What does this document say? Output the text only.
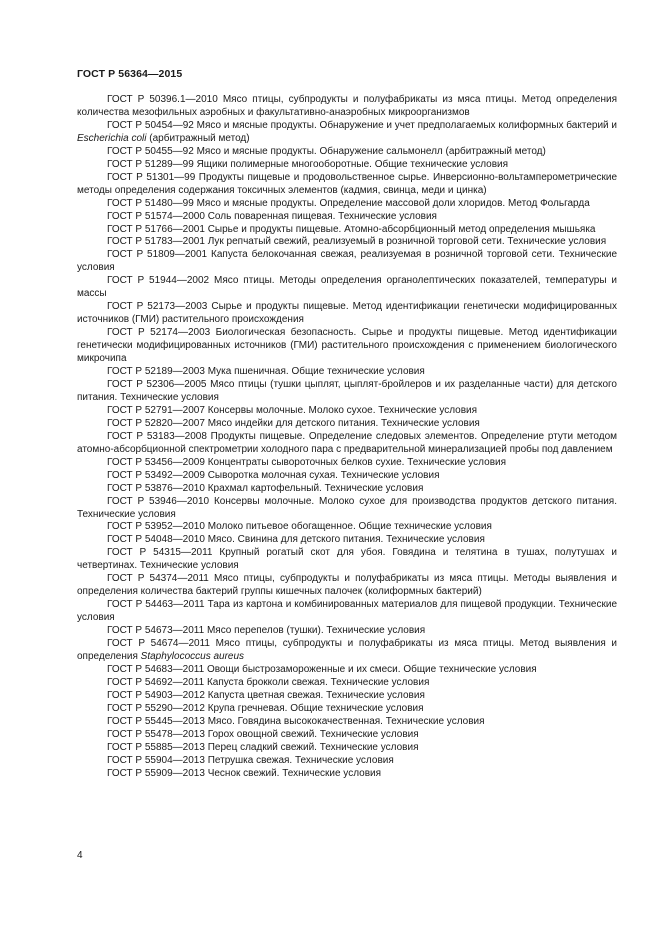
ГОСТ Р 56364—2015

ГОСТ Р 50396.1—2010 Мясо птицы, субпродукты и полуфабрикаты из мяса птицы. Метод определения количества мезофильных аэробных и факультативно-анаэробных микроорганизмов

ГОСТ Р 50454—92 Мясо и мясные продукты. Обнаружение и учет предполагаемых колиформных бактерий и Escherichia coli (арбитражный метод)

ГОСТ Р 50455—92 Мясо и мясные продукты. Обнаружение сальмонелл (арбитражный метод)

ГОСТ Р 51289—99 Ящики полимерные многооборотные. Общие технические условия

ГОСТ Р 51301—99 Продукты пищевые и продовольственное сырье. Инверсионно-вольтамперометрические методы определения содержания токсичных элементов (кадмия, свинца, меди и цинка)

ГОСТ Р 51480—99 Мясо и мясные продукты. Определение массовой доли хлоридов. Метод Фольгарда

ГОСТ Р 51574—2000 Соль поваренная пищевая. Технические условия

ГОСТ Р 51766—2001 Сырье и продукты пищевые. Атомно-абсорбционный метод определения мышьяка

ГОСТ Р 51783—2001 Лук репчатый свежий, реализуемый в розничной торговой сети. Технические условия

ГОСТ Р 51809—2001 Капуста белокочанная свежая, реализуемая в розничной торговой сети. Технические условия

ГОСТ Р 51944—2002 Мясо птицы. Методы определения органолептических показателей, температуры и массы

ГОСТ Р 52173—2003 Сырье и продукты пищевые. Метод идентификации генетически модифицированных источников (ГМИ) растительного происхождения

ГОСТ Р 52174—2003 Биологическая безопасность. Сырье и продукты пищевые. Метод идентификации генетически модифицированных источников (ГМИ) растительного происхождения с применением биологического микрочипа

ГОСТ Р 52189—2003 Мука пшеничная. Общие технические условия

ГОСТ Р 52306—2005 Мясо птицы (тушки цыплят, цыплят-бройлеров и их разделанные части) для детского питания. Технические условия

ГОСТ Р 52791—2007 Консервы молочные. Молоко сухое. Технические условия

ГОСТ Р 52820—2007 Мясо индейки для детского питания. Технические условия

ГОСТ Р 53183—2008 Продукты пищевые. Определение следовых элементов. Определение ртути методом атомно-абсорбционной спектрометрии холодного пара с предварительной минерализацией пробы под давлением

ГОСТ Р 53456—2009 Концентраты сывороточных белков сухие. Технические условия

ГОСТ Р 53492—2009 Сыворотка молочная сухая. Технические условия

ГОСТ Р 53876—2010 Крахмал картофельный. Технические условия

ГОСТ Р 53946—2010 Консервы молочные. Молоко сухое для производства продуктов детского питания. Технические условия

ГОСТ Р 53952—2010 Молоко питьевое обогащенное. Общие технические условия

ГОСТ Р 54048—2010 Мясо. Свинина для детского питания. Технические условия

ГОСТ Р 54315—2011 Крупный рогатый скот для убоя. Говядина и телятина в тушах, полутушах и четвертинах. Технические условия

ГОСТ Р 54374—2011 Мясо птицы, субпродукты и полуфабрикаты из мяса птицы. Методы выявления и определения количества бактерий группы кишечных палочек (колиформных бактерий)

ГОСТ Р 54463—2011 Тара из картона и комбинированных материалов для пищевой продукции. Технические условия

ГОСТ Р 54673—2011 Мясо перепелов (тушки). Технические условия

ГОСТ Р 54674—2011 Мясо птицы, субпродукты и полуфабрикаты из мяса птицы. Метод выявления и определения Staphylococcus aureus

ГОСТ Р 54683—2011 Овощи быстрозамороженные и их смеси. Общие технические условия

ГОСТ Р 54692—2011 Капуста брокколи свежая. Технические условия

ГОСТ Р 54903—2012 Капуста цветная свежая. Технические условия

ГОСТ Р 55290—2012 Крупа гречневая. Общие технические условия

ГОСТ Р 55445—2013 Мясо. Говядина высококачественная. Технические условия

ГОСТ Р 55478—2013 Горох овощной свежий. Технические условия

ГОСТ Р 55885—2013 Перец сладкий свежий. Технические условия

ГОСТ Р 55904—2013 Петрушка свежая. Технические условия

ГОСТ Р 55909—2013 Чеснок свежий. Технические условия

4
